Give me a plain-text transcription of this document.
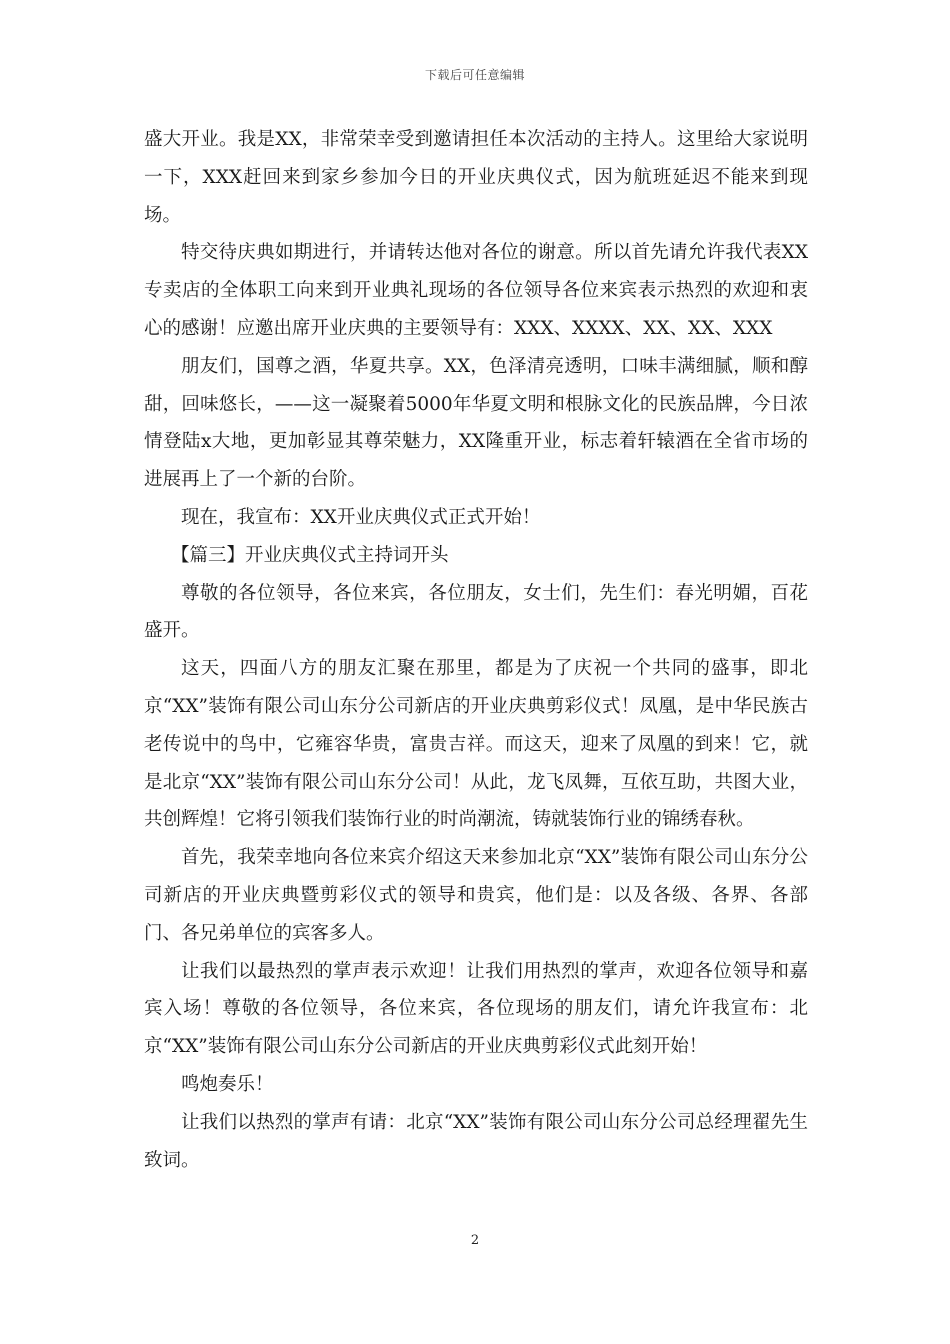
下载后可任意编辑

盛大开业。我是XX，非常荣幸受到邀请担任本次活动的主持人。这里给大家说明一下，XXX赶回来到家乡参加今日的开业庆典仪式，因为航班延迟不能来到现场。

特交待庆典如期进行，并请转达他对各位的谢意。所以首先请允许我代表XX专卖店的全体职工向来到开业典礼现场的各位领导各位来宾表示热烈的欢迎和衷心的感谢！应邀出席开业庆典的主要领导有：XXX、XXXX、XX、XX、XXX

朋友们，国尊之酒，华夏共享。XX，色泽清亮透明，口味丰满细腻，顺和醇甜，回味悠长，——这一凝聚着5000年华夏文明和根脉文化的民族品牌，今日浓情登陆x大地，更加彰显其尊荣魅力，XX隆重开业，标志着轩辕酒在全省市场的进展再上了一个新的台阶。

现在，我宣布：XX开业庆典仪式正式开始！

【篇三】开业庆典仪式主持词开头

尊敬的各位领导，各位来宾，各位朋友，女士们，先生们：春光明媚，百花盛开。

这天，四面八方的朋友汇聚在那里，都是为了庆祝一个共同的盛事，即北京“XX”装饰有限公司山东分公司新店的开业庆典剪彩仪式！凤凰，是中华民族古老传说中的鸟中，它雍容华贵，富贵吉祥。而这天，迎来了凤凰的到来！它，就是北京“XX”装饰有限公司山东分公司！从此，龙飞凤舞，互依互助，共图大业，共创辉煌！它将引领我们装饰行业的时尚潮流，铸就装饰行业的锦绣春秋。

首先，我荣幸地向各位来宾介绍这天来参加北京“XX”装饰有限公司山东分公司新店的开业庆典暨剪彩仪式的领导和贵宾，他们是：以及各级、各界、各部门、各兄弟单位的宾客多人。

让我们以最热烈的掌声表示欢迎！让我们用热烈的掌声，欢迎各位领导和嘉宾入场！尊敬的各位领导，各位来宾，各位现场的朋友们，请允许我宣布：北京“XX”装饰有限公司山东分公司新店的开业庆典剪彩仪式此刻开始！

鸣炮奏乐！

让我们以热烈的掌声有请：北京“XX”装饰有限公司山东分公司总经理翟先生致词。

2
